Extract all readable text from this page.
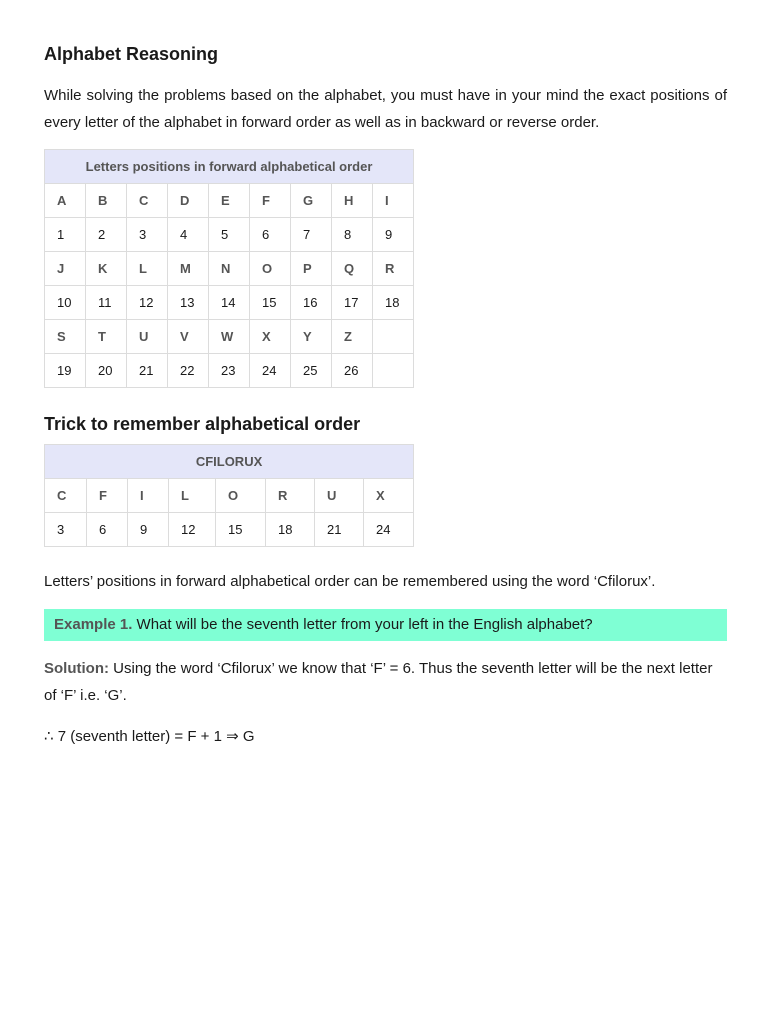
Alphabet Reasoning
While solving the problems based on the alphabet, you must have in your mind the exact positions of every letter of the alphabet in forward order as well as in backward or reverse order.
Letters positions in forward alphabetical order								
A	B	C	D	E	F	G	H	I
1	2	3	4	5	6	7	8	9
J	K	L	M	N	O	P	Q	R
10	11	12	13	14	15	16	17	18
S	T	U	V	W	X	Y	Z	
19	20	21	22	23	24	25	26	
Trick to remember alphabetical order
CFILORUX							
C	F	I	L	O	R	U	X
3	6	9	12	15	18	21	24
Letters’ positions in forward alphabetical order can be remembered using the word ‘Cfilorux’.
Example 1. What will be the seventh letter from your left in the English alphabet?
Solution: Using the word ‘Cfilorux’ we know that ‘F’ = 6. Thus the seventh letter will be the next letter of ‘F’ i.e. ‘G’.
∴ 7 (seventh letter) = F + 1 ⇒ G
